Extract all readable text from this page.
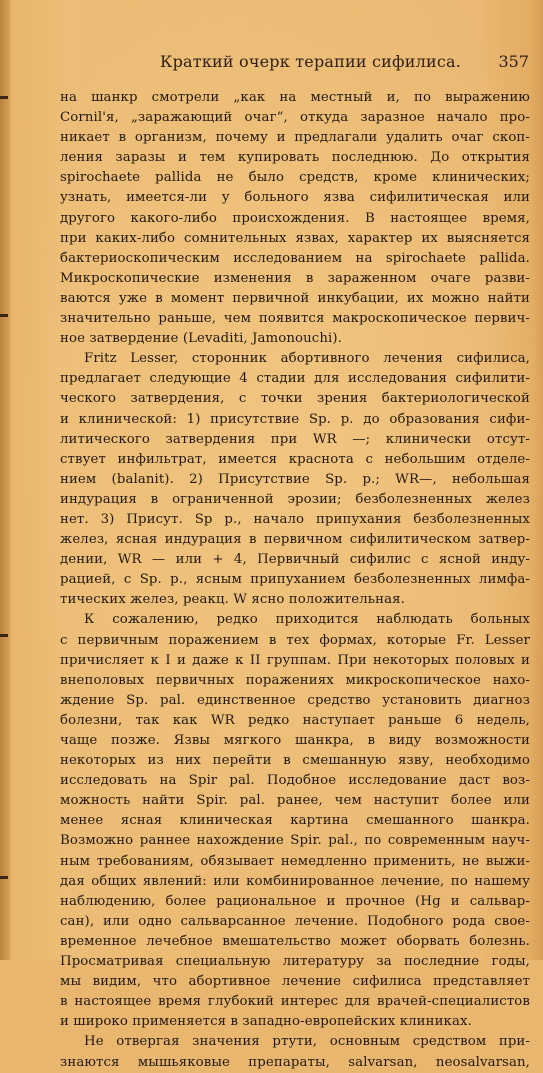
Краткий очерк терапии сифилиса. 357
на шанкр смотрели „как на местный и, по выражению
Cornil'я, „заражающий очаг“, откуда заразное начало про-
никает в организм, почему и предлагали удалить очаг скоп-
ления заразы и тем купировать последнюю. До открытия
spirochaete pallida не было средств, кроме клинических;
узнать, имеется-ли у больного язва сифилитическая или
другого какого-либо происхождения. В настоящее время,
при каких-либо сомнительных язвах, характер их выясняется
бактериоскопическим исследованием на spirochaete pallida.
Микроскопические изменения в зараженном очаге разви-
ваются уже в момент первичной инкубации, их можно найти
значительно раньше, чем появится макроскопическое первич-
ное затвердение (Levaditi, Jamonouchi).
Fritz Lesser, сторонник абортивного лечения сифилиса,
предлагает следующие 4 стадии для исследования сифилити-
ческого затвердения, с точки зрения бактериологической
и клинической: 1) присутствие Sp. p. до образования сифи-
литического затвердения при WR —; клинически отсут-
ствует инфильтрат, имеется краснота с небольшим отделе-
нием (balanit). 2) Присутствие Sp. p.; WR—, небольшая
индурация в ограниченной эрозии; безболезненных желез
нет. 3) Присут. Sp p., начало припухания безболезненных
желез, ясная индурация в первичном сифилитическом затвер-
дении, WR — или + 4, Первичный сифилис с ясной инду-
рацией, с Sp. p., ясным припуханием безболезненных лимфа-
тических желез, реакц. W ясно положительная.
К сожалению, редко приходится наблюдать больных
с первичным поражением в тех формах, которые Fr. Lesser
причисляет к I и даже к II группам. При некоторых половых и
внеполовых первичных поражениях микроскопическое нахо-
ждение Sp. pal. единственное средство установить диагноз
болезни, так как WR редко наступает раньше 6 недель,
чаще позже. Язвы мягкого шанкра, в виду возможности
некоторых из них перейти в смешанную язву, необходимо
исследовать на Spir pal. Подобное исследование даст воз-
можность найти Spir. pal. ранее, чем наступит более или
менее ясная клиническая картина смешанного шанкра.
Возможно раннее нахождение Spir. pal., по современным науч-
ным требованиям, обязывает немедленно применить, не выжи-
дая общих явлений: или комбинированное лечение, по нашему
наблюдению, более рациональное и прочное (Hg и сальвар-
сан), или одно сальварсанное лечение. Подобного рода свое-
временное лечебное вмешательство может оборвать болезнь.
Просматривая специальную литературу за последние годы,
мы видим, что абортивное лечение сифилиса представляет
в настоящее время глубокий интерес для врачей-специалистов
и широко применяется в западно-европейских клиниках.
Не отвергая значения ртути, основным средством при-
знаются мышьяковые препараты, salvarsan, neosalvarsan,
